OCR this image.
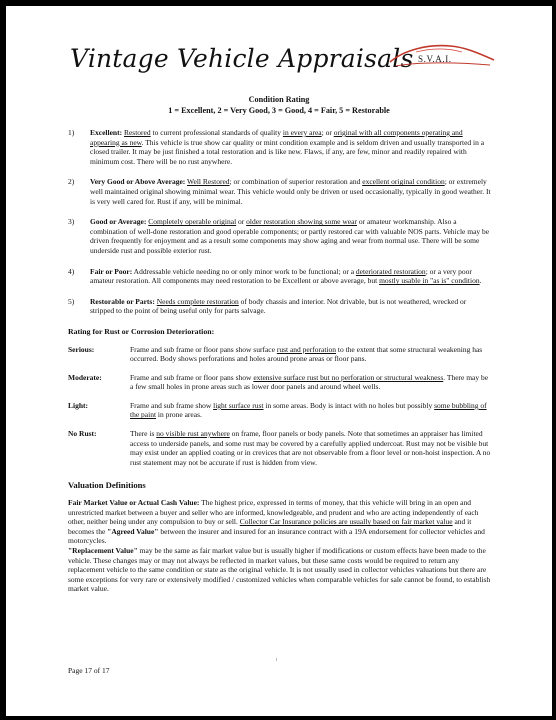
Vintage Vehicle Appraisals S.V.A.I.
Condition Rating
1 = Excellent, 2 = Very Good, 3 = Good, 4 = Fair, 5 = Restorable
1) Excellent: Restored to current professional standards of quality in every area; or original with all components operating and appearing as new. This vehicle is true show car quality or mint condition example and is seldom driven and usually transported in a closed trailer. It may be just finished a total restoration and is like new. Flaws, if any, are few, minor and readily repaired with minimum cost. There will be no rust anywhere.
2) Very Good or Above Average: Well Restored; or combination of superior restoration and excellent original condition; or extremely well maintained original showing minimal wear. This vehicle would only be driven or used occasionally, typically in good weather. It is very well cared for. Rust if any, will be minimal.
3) Good or Average: Completely operable original or older restoration showing some wear or amateur workmanship. Also a combination of well-done restoration and good operable components; or partly restored car with valuable NOS parts. Vehicle may be driven frequently for enjoyment and as a result some components may show aging and wear from normal use. There will be some underside rust and possible exterior rust.
4) Fair or Poor: Addressable vehicle needing no or only minor work to be functional; or a deteriorated restoration; or a very poor amateur restoration. All components may need restoration to be Excellent or above average, but mostly usable in "as is" condition.
5) Restorable or Parts: Needs complete restoration of body chassis and interior. Not drivable, but is not weathered, wrecked or stripped to the point of being useful only for parts salvage.
Rating for Rust or Corrosion Deterioration:
Serious:	Frame and sub frame or floor pans show surface rust and perforation to the extent that some structural weakening has occurred. Body shows perforations and holes around prone areas or floor pans.
Moderate:	Frame and sub frame or floor pans show extensive surface rust but no perforation or structural weakness. There may be a few small holes in prone areas such as lower door panels and around wheel wells.
Light:	Frame and sub frame show light surface rust in some areas. Body is intact with no holes but possibly some bubbling of the paint in prone areas.
No Rust:	There is no visible rust anywhere on frame, floor panels or body panels. Note that sometimes an appraiser has limited access to underside panels, and some rust may be covered by a carefully applied undercoat. Rust may not be visible but may exist under an applied coating or in crevices that are not observable from a floor level or non-hoist inspection. A no rust statement may not be accurate if rust is hidden from view.
Valuation Definitions

Fair Market Value or Actual Cash Value: The highest price, expressed in terms of money, that this vehicle will bring in an open and unrestricted market between a buyer and seller who are informed, knowledgeable, and prudent and who are acting independently of each other, neither being under any compulsion to buy or sell. Collector Car Insurance policies are usually based on fair market value and it becomes the "Agreed Value" between the insurer and insured for an insurance contract with a 19A endorsement for collector vehicles and motorcycles.
"Replacement Value" may be the same as fair market value but is usually higher if modifications or custom effects have been made to the vehicle. These changes may or may not always be reflected in market values, but these same costs would be required to return any replacement vehicle to the same condition or state as the original vehicle. It is not usually used in collector vehicles valuations but there are some exceptions for very rare or extensively modified / customized vehicles when comparable vehicles for sale cannot be found, to establish market value.

Page 17 of 17
